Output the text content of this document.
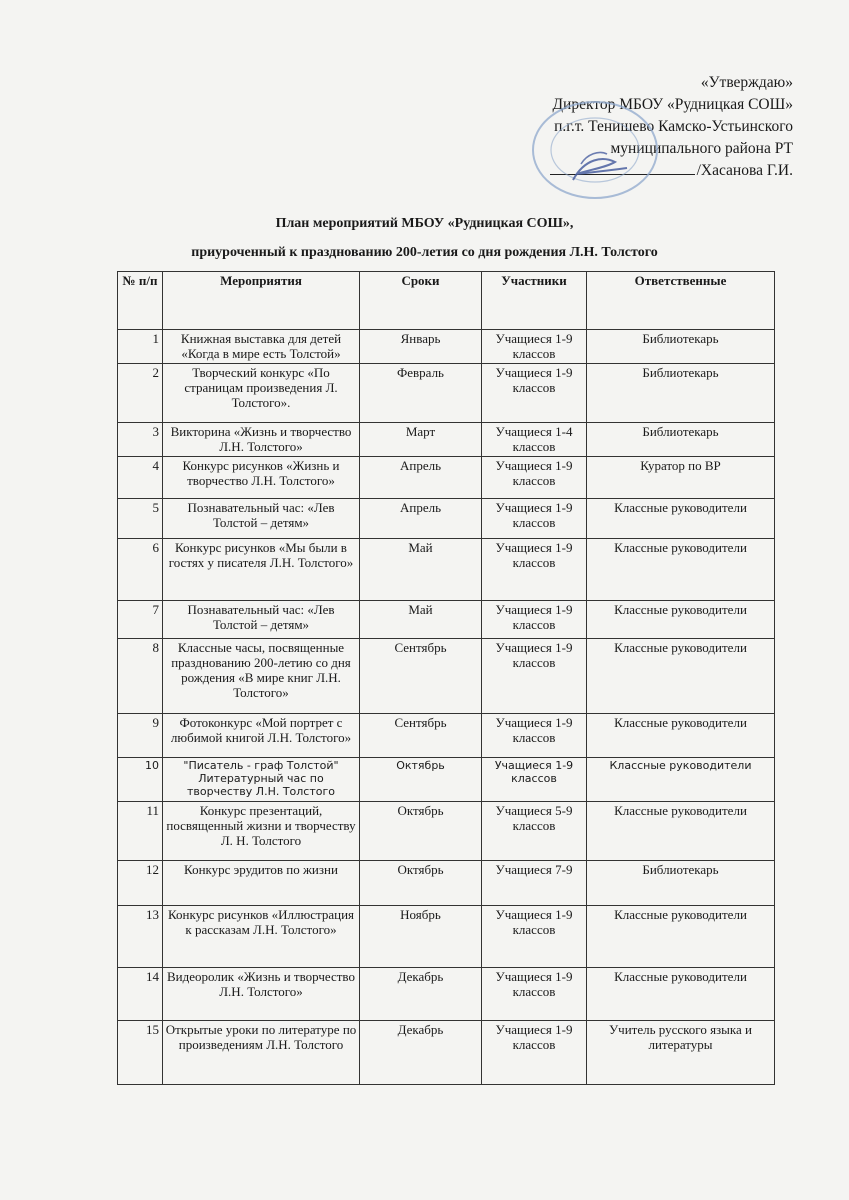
«Утверждаю»
Директор МБОУ «Рудницкая СОШ»
п.г.т. Тенишево Камско-Устьинского
муниципального района РТ
/Хасанова Г.И.
План мероприятий МБОУ «Рудницкая СОШ»,
приуроченный к празднованию 200-летия со дня рождения Л.Н. Толстого
№ п/п	Мероприятия	Сроки	Участники	Ответственные
1	Книжная выставка для детей «Когда в мире есть Толстой»	Январь	Учащиеся 1-9 классов	Библиотекарь
2	Творческий конкурс «По страницам произведения Л. Толстого».	Февраль	Учащиеся 1-9 классов	Библиотекарь
3	Викторина «Жизнь и творчество Л.Н. Толстого»	Март	Учащиеся 1-4 классов	Библиотекарь
4	Конкурс рисунков «Жизнь и творчество Л.Н. Толстого»	Апрель	Учащиеся 1-9 классов	Куратор по ВР
5	Познавательный час: «Лев Толстой – детям»	Апрель	Учащиеся 1-9 классов	Классные руководители
6	Конкурс рисунков «Мы были в гостях у писателя Л.Н. Толстого»	Май	Учащиеся 1-9 классов	Классные руководители
7	Познавательный час: «Лев Толстой – детям»	Май	Учащиеся 1-9 классов	Классные руководители
8	Классные часы, посвященные празднованию 200-летию со дня рождения «В мире книг Л.Н. Толстого»	Сентябрь	Учащиеся 1-9 классов	Классные руководители
9	Фотоконкурс «Мой портрет с любимой книгой Л.Н. Толстого»	Сентябрь	Учащиеся 1-9 классов	Классные руководители
10	"Писатель - граф Толстой" Литературный час по творчеству Л.Н. Толстого	Октябрь	Учащиеся 1-9 классов	Классные руководители
11	Конкурс презентаций, посвященный жизни и творчеству Л. Н. Толстого	Октябрь	Учащиеся 5-9 классов	Классные руководители
12	Конкурс эрудитов по жизни	Октябрь	Учащиеся 7-9	Библиотекарь
13	Конкурс рисунков «Иллюстрация к рассказам Л.Н. Толстого»	Ноябрь	Учащиеся 1-9 классов	Классные руководители
14	Видеоролик «Жизнь и творчество Л.Н. Толстого»	Декабрь	Учащиеся 1-9 классов	Классные руководители
15	Открытые уроки по литературе по произведениям Л.Н. Толстого	Декабрь	Учащиеся 1-9 классов	Учитель русского языка и литературы
